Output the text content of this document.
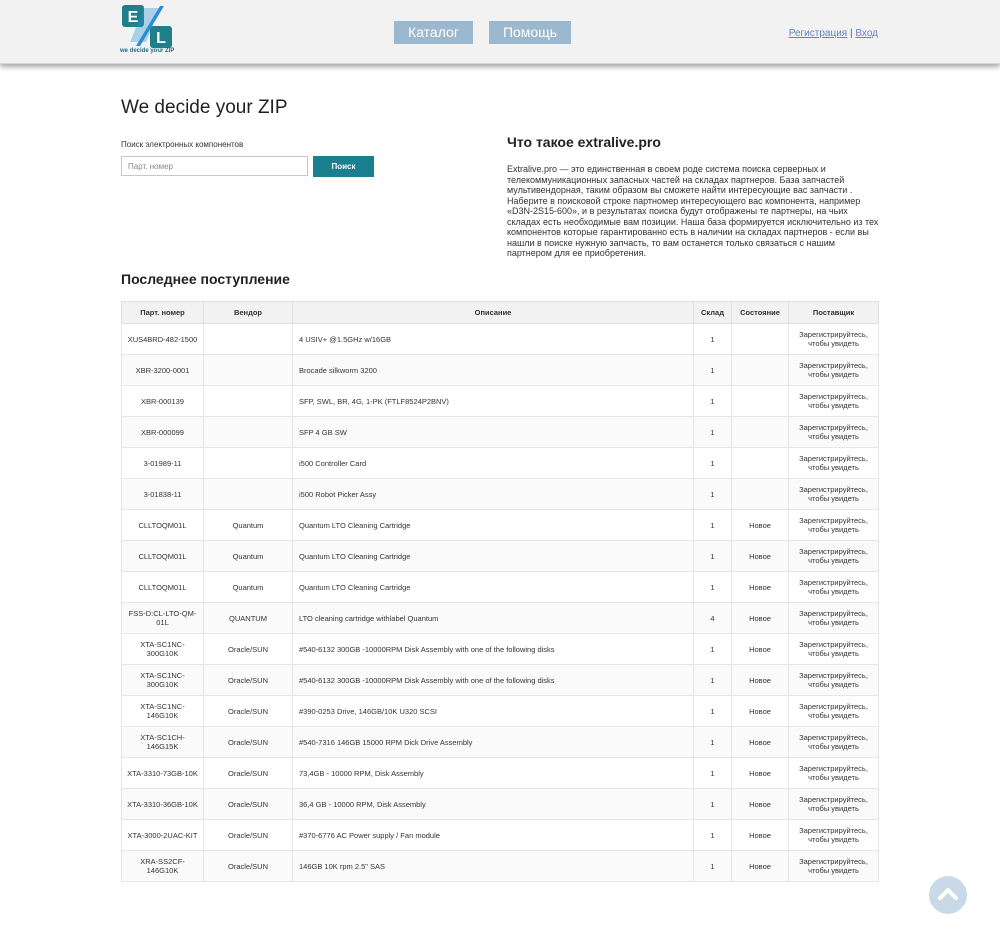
E
L
we decide your ZIP
Каталог	Помощь	Регистрация | Вход
We decide your ZIP
Поиск электронных компонентов
Парт. номер
Поиск
Что такое extralive.pro
Extralive.pro — это единственная в своем роде система поиска серверных и телекоммуникационных запасных частей на складах партнеров. База запчастей мультивендорная, таким образом вы сможете найти интересующие вас запчасти . Наберите в поисковой строке партномер интересующего вас компонента, например «D3N-2S15-600», и в результатах поиска будут отображены те партнеры, на чьих складах есть необходимые вам позиции. Наша база формируется исключительно из тех компонентов которые гарантированно есть в наличии на складах партнеров - если вы нашли в поиске нужную запчасть, то вам останется только связаться с нашим партнером для ее приобретения.
Последнее поступление
Парт. номер	Вендор	Описание	Склад	Состояние	Поставщик
XUS4BRD-482-1500		4 USIV+ @1.5GHz w/16GB	1		Зарегистрируйтесь, чтобы увидеть
XBR-3200-0001		Brocade silkworm 3200	1		Зарегистрируйтесь, чтобы увидеть
XBR-000139		SFP, SWL, BR, 4G, 1-PK (FTLF8524P2BNV)	1		Зарегистрируйтесь, чтобы увидеть
XBR-000099		SFP 4 GB SW	1		Зарегистрируйтесь, чтобы увидеть
3-01989-11		i500 Controller Card	1		Зарегистрируйтесь, чтобы увидеть
3-01838-11		i500 Robot Picker Assy	1		Зарегистрируйтесь, чтобы увидеть
CLLTOQM01L	Quantum	Quantum LTO Cleaning Cartridge	1	Новое	Зарегистрируйтесь, чтобы увидеть
CLLTOQM01L	Quantum	Quantum LTO Cleaning Cartridge	1	Новое	Зарегистрируйтесь, чтобы увидеть
CLLTOQM01L	Quantum	Quantum LTO Cleaning Cartridge	1	Новое	Зарегистрируйтесь, чтобы увидеть
FSS-D:CL-LTO-QM-01L	QUANTUM	LTO cleaning cartridge withlabel Quantum	4	Новое	Зарегистрируйтесь, чтобы увидеть
XTA-SC1NC-300G10K	Oracle/SUN	#540-6132 300GB -10000RPM Disk Assembly with one of the following disks	1	Новое	Зарегистрируйтесь, чтобы увидеть
XTA-SC1NC-300G10K	Oracle/SUN	#540-6132 300GB -10000RPM Disk Assembly with one of the following disks	1	Новое	Зарегистрируйтесь, чтобы увидеть
XTA-SC1NC-146G10K	Oracle/SUN	#390-0253 Drive, 146GB/10K U320 SCSI	1	Новое	Зарегистрируйтесь, чтобы увидеть
XTA-SC1CH-146G15K	Oracle/SUN	#540-7316 146GB 15000 RPM Dick Drive Assembly	1	Новое	Зарегистрируйтесь, чтобы увидеть
XTA-3310-73GB-10K	Oracle/SUN	73,4GB - 10000 RPM, Disk Assembly	1	Новое	Зарегистрируйтесь, чтобы увидеть
XTA-3310-36GB-10K	Oracle/SUN	36,4 GB - 10000 RPM, Disk Assembly	1	Новое	Зарегистрируйтесь, чтобы увидеть
XTA-3000-2UAC-KIT	Oracle/SUN	#370-6776 AC Power supply / Fan module	1	Новое	Зарегистрируйтесь, чтобы увидеть
XRA-SS2CF-146G10K	Oracle/SUN	146GB 10K rpm 2.5" SAS	1	Новое	Зарегистрируйтесь, чтобы увидеть
